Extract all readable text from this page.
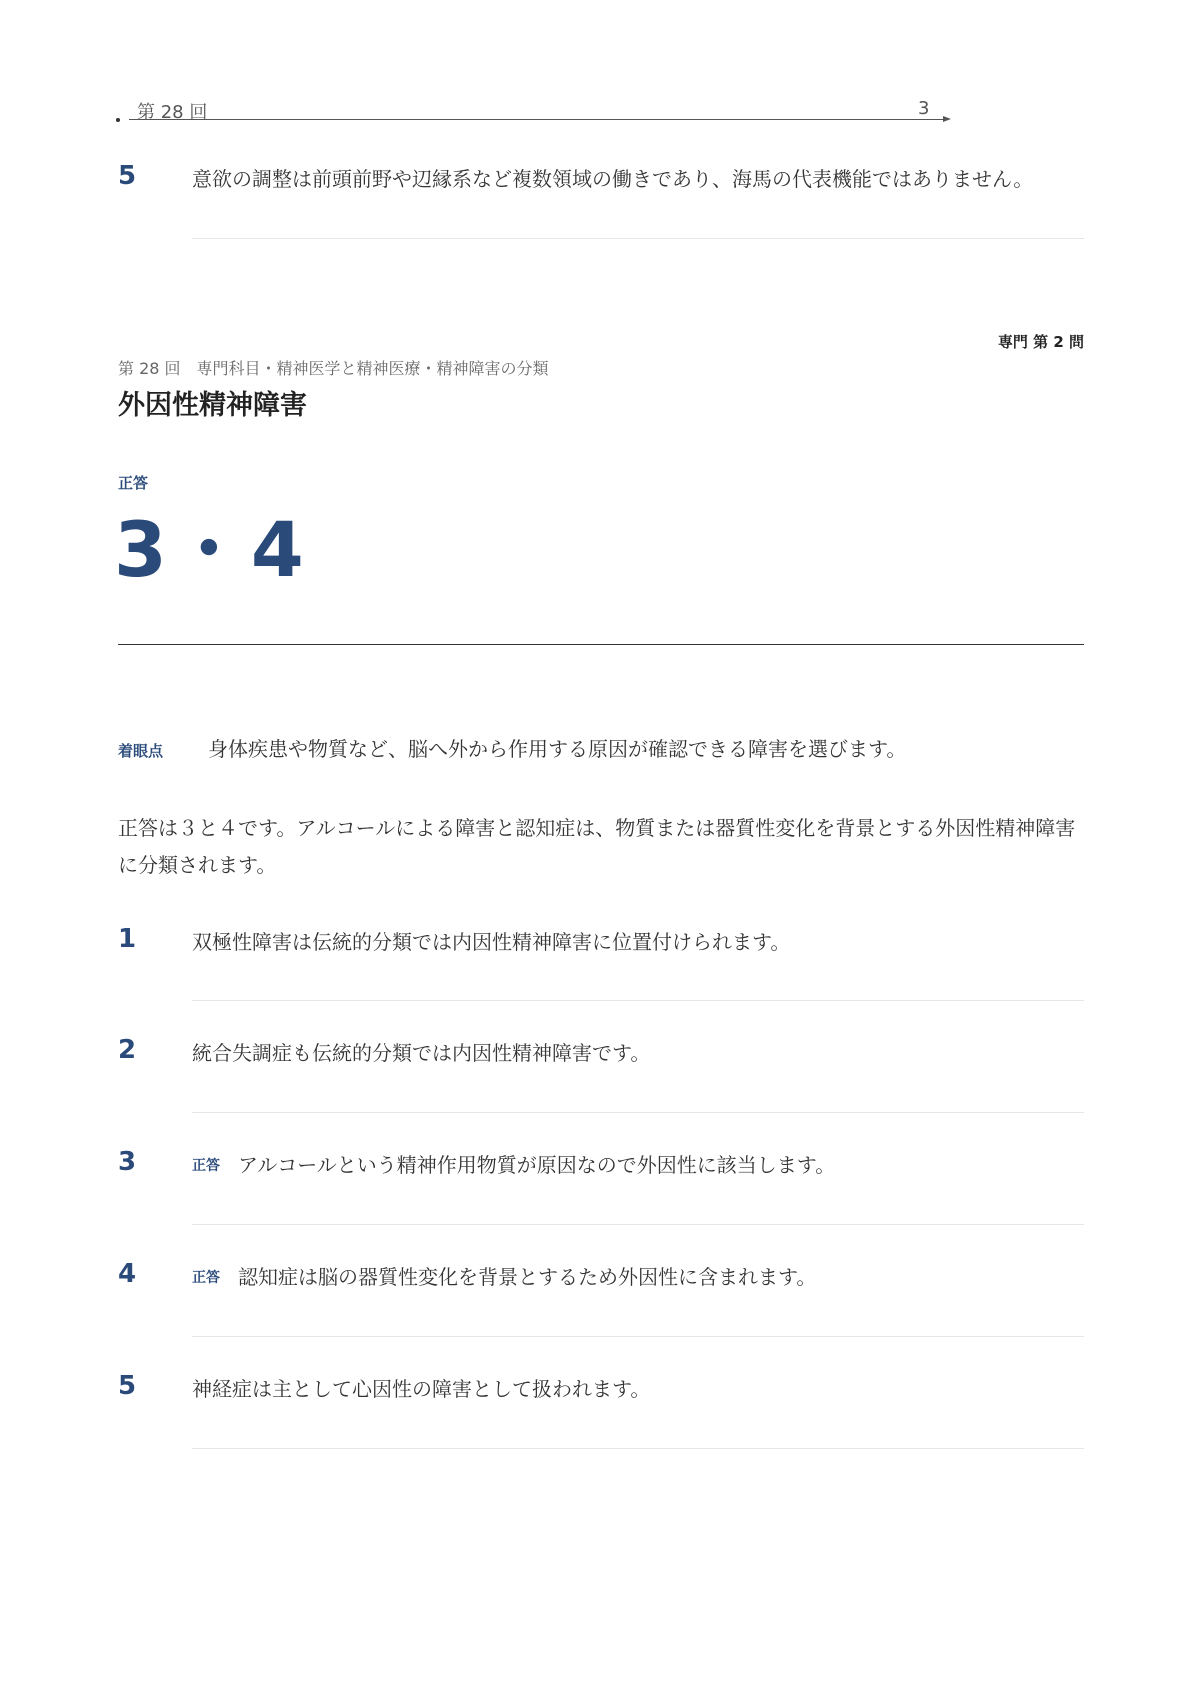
第 28 回	3
5	意欲の調整は前頭前野や辺縁系など複数領域の働きであり、海馬の代表機能ではありません。
専門 第 2 問
第 28 回　専門科目・精神医学と精神医療・精神障害の分類
外因性精神障害
正答
3・4
着眼点 身体疾患や物質など、脳へ外から作用する原因が確認できる障害を選びます。

正答は３と４です。アルコールによる障害と認知症は、物質または器質性変化を背景とする外因性精神障害に分類されます。

1	双極性障害は伝統的分類では内因性精神障害に位置付けられます。
2	統合失調症も伝統的分類では内因性精神障害です。
3	正答 アルコールという精神作用物質が原因なので外因性に該当します。
4	正答 認知症は脳の器質性変化を背景とするため外因性に含まれます。
5	神経症は主として心因性の障害として扱われます。
